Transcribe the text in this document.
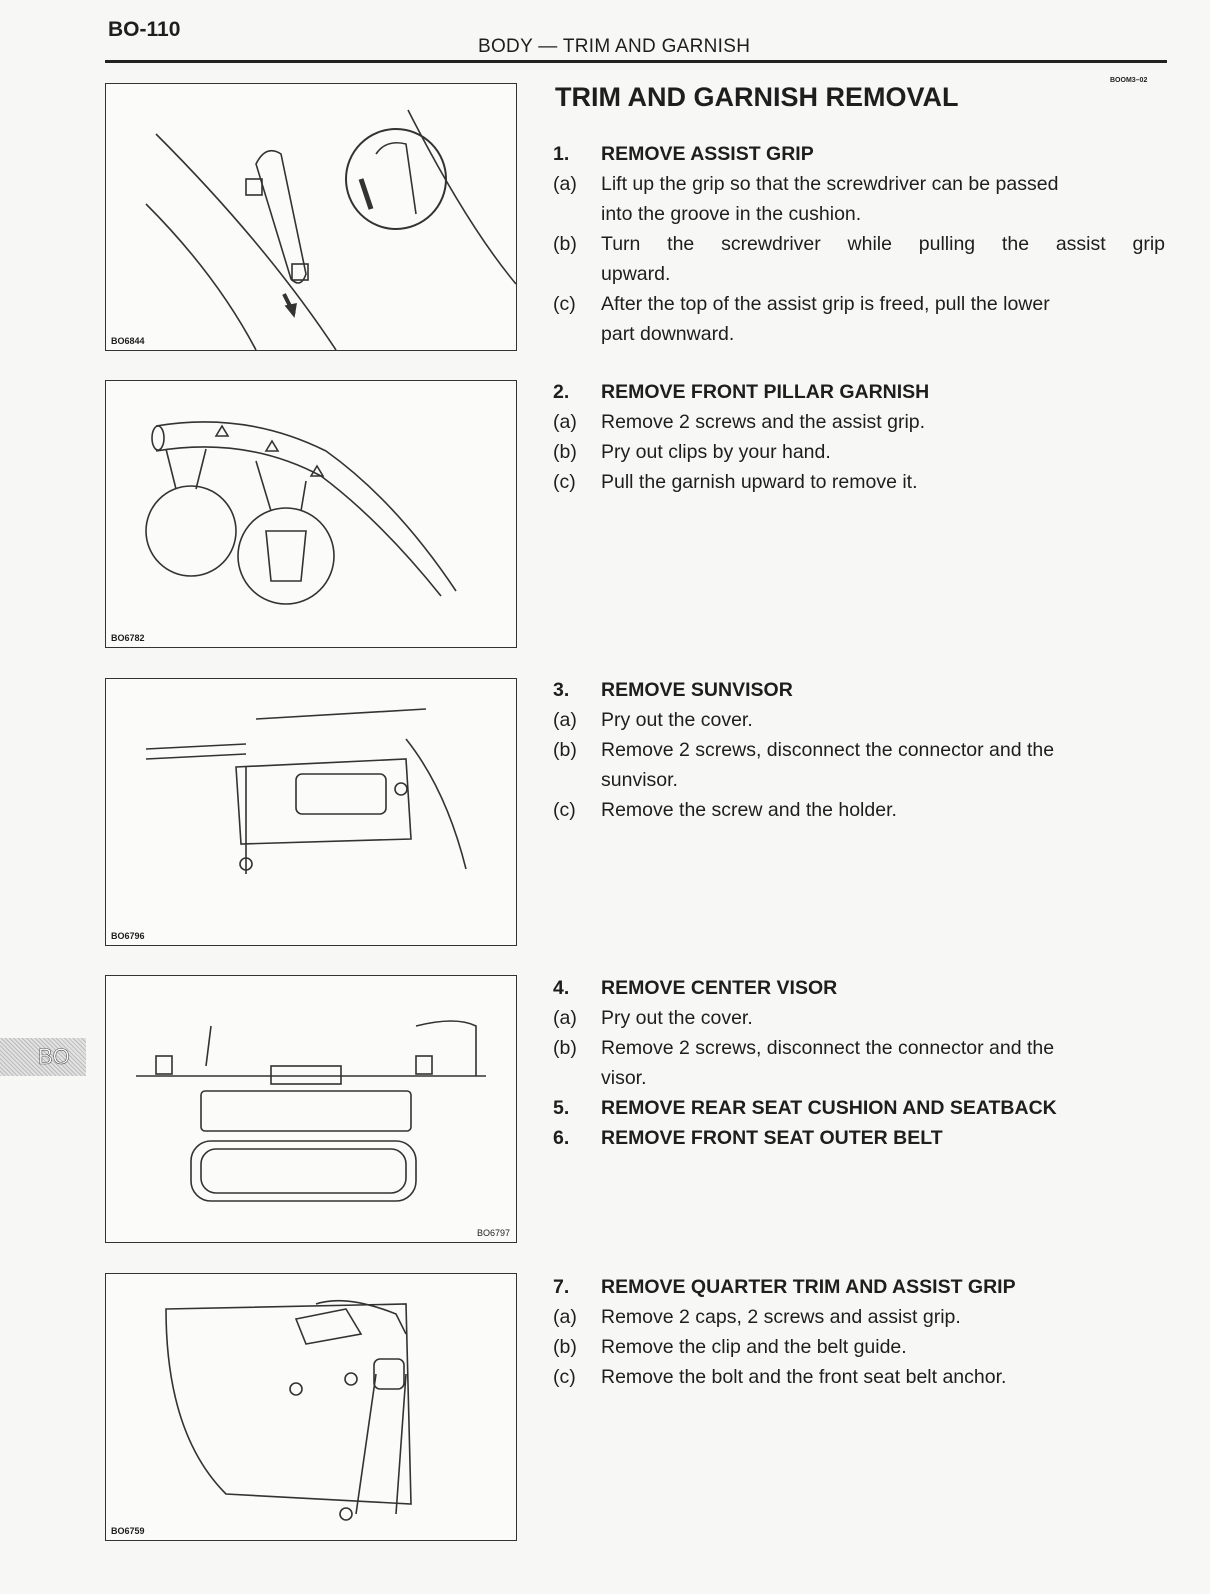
BO-110
BODY — TRIM AND GARNISH
BOOM3–02
TRIM AND GARNISH REMOVAL
BO
BO6844
BO6782
BO6796
BO6797
BO6759
1.	REMOVE ASSIST GRIP
(a)	Lift up the grip so that the screwdriver can be passed
into the groove in the cushion.
(b)	Turn the screwdriver while pulling the assist grip
upward.
(c)	After the top of the assist grip is freed, pull the lower
part downward.
2.	REMOVE FRONT PILLAR GARNISH
(a)	Remove 2 screws and the assist grip.
(b)	Pry out clips by your hand.
(c)	Pull the garnish upward to remove it.
3.	REMOVE SUNVISOR
(a)	Pry out the cover.
(b)	Remove 2 screws, disconnect the connector and the
sunvisor.
(c)	Remove the screw and the holder.
4.	REMOVE CENTER VISOR
(a)	Pry out the cover.
(b)	Remove 2 screws, disconnect the connector and the
visor.
5.	REMOVE REAR SEAT CUSHION AND SEATBACK
6.	REMOVE FRONT SEAT OUTER BELT
7.	REMOVE QUARTER TRIM AND ASSIST GRIP
(a)	Remove 2 caps, 2 screws and assist grip.
(b)	Remove the clip and the belt guide.
(c)	Remove the bolt and the front seat belt anchor.
